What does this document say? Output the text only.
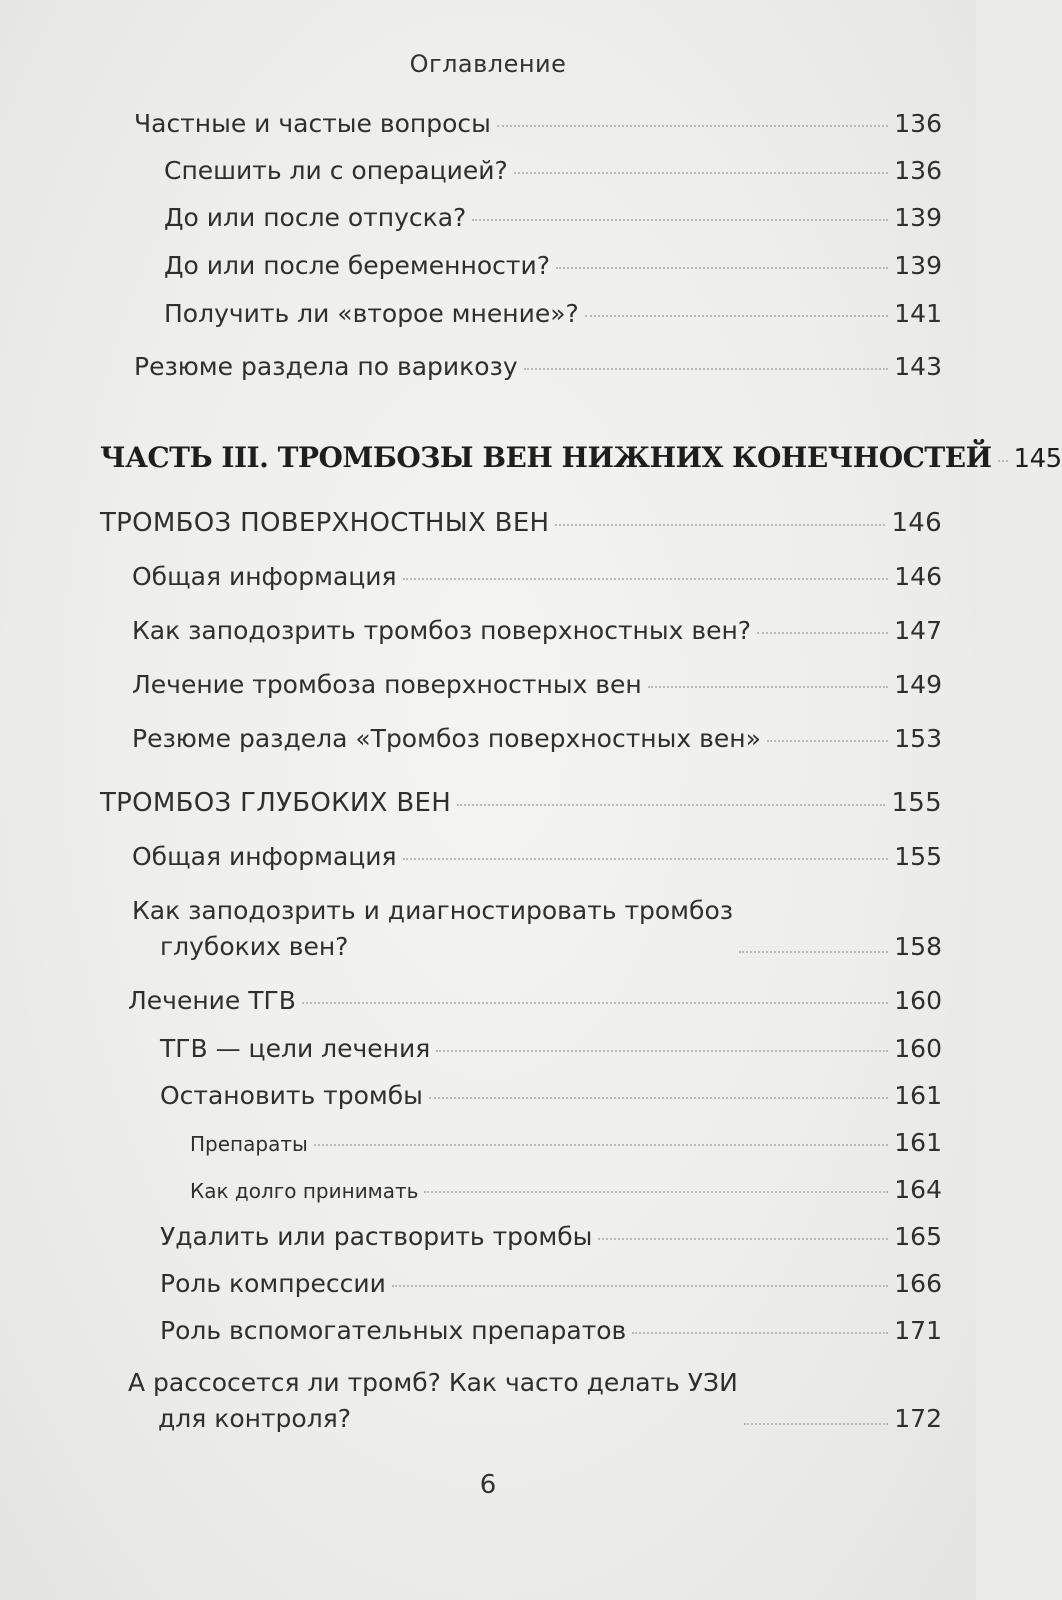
Оглавление
Частные и частые вопросы	136
Спешить ли с операцией?	136
До или после отпуска?	139
До или после беременности?	139
Получить ли «второе мнение»?	141
Резюме раздела по варикозу	143
ЧАСТЬ III. ТРОМБОЗЫ ВЕН НИЖНИХ КОНЕЧНОСТЕЙ 145
ТРОМБОЗ ПОВЕРХНОСТНЫХ ВЕН	146
Общая информация	146
Как заподозрить тромбоз поверхностных вен?	147
Лечение тромбоза поверхностных вен	149
Резюме раздела «Тромбоз поверхностных вен»	153
ТРОМБОЗ ГЛУБОКИХ ВЕН	155
Общая информация	155
Как заподозрить и диагностировать тромбоз
глубоких вен?	158
Лечение ТГВ	160
ТГВ — цели лечения	160
Остановить тромбы	161
Препараты	161
Как долго принимать	164
Удалить или растворить тромбы	165
Роль компрессии	166
Роль вспомогательных препаратов	171
А рассосется ли тромб? Как часто делать УЗИ
для контроля?	172
6
